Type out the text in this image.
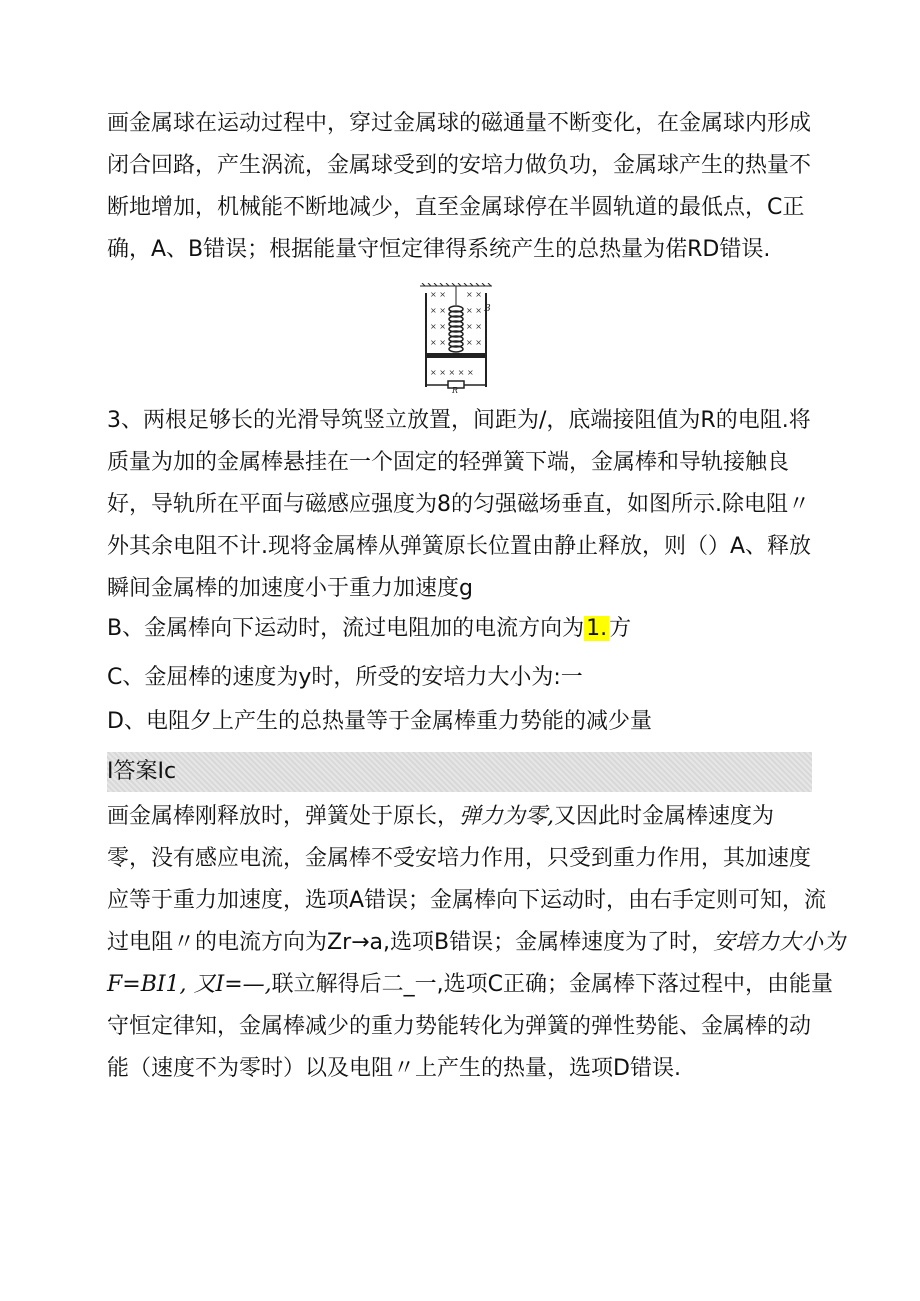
画金属球在运动过程中，穿过金属球的磁通量不断变化，在金属球内形成
闭合回路，产生涡流，金属球受到的安培力做负功，金属球产生的热量不
断地增加，机械能不断地减少，直至金属球停在半圆轨道的最低点，C正
确，A、B错误；根据能量守恒定律得系统产生的总热量为偌RD错误.

× ×	× ×
× ×	× ×
× ×	× ×
× ×	× ×
× × × × ×
B
R

3、两根足够长的光滑导筑竖立放置，间距为/，底端接阻值为R的电阻.将
质量为加的金属棒悬挂在一个固定的轻弹簧下端，金属棒和导轨接触良
好，导轨所在平面与磁感应强度为8的匀强磁场垂直，如图所示.除电阻〃
外其余电阻不计.现将金属棒从弹簧原长位置由静止释放，则（）A、释放
瞬间金属棒的加速度小于重力加速度g

B、金属棒向下运动时，流过电阻加的电流方向为1.方
C、金屈棒的速度为y时，所受的安培力大小为:一
D、电阻夕上产生的总热量等于金属棒重力势能的减少量
I答案Ic

画金属棒刚释放时，弹簧处于原长，弹力为零,又因此时金属棒速度为
零，没有感应电流，金属棒不受安培力作用，只受到重力作用，其加速度
应等于重力加速度，选项A错误；金属棒向下运动时，由右手定则可知，流
过电阻〃的电流方向为Zr→a,选项B错误；金属棒速度为了时，安培力大小为
F=BI1, 又I=—,联立解得后二_一,选项C正确；金属棒下落过程中，由能量
守恒定律知，金属棒减少的重力势能转化为弹簧的弹性势能、金属棒的动
能（速度不为零时）以及电阻〃上产生的热量，选项D错误.
